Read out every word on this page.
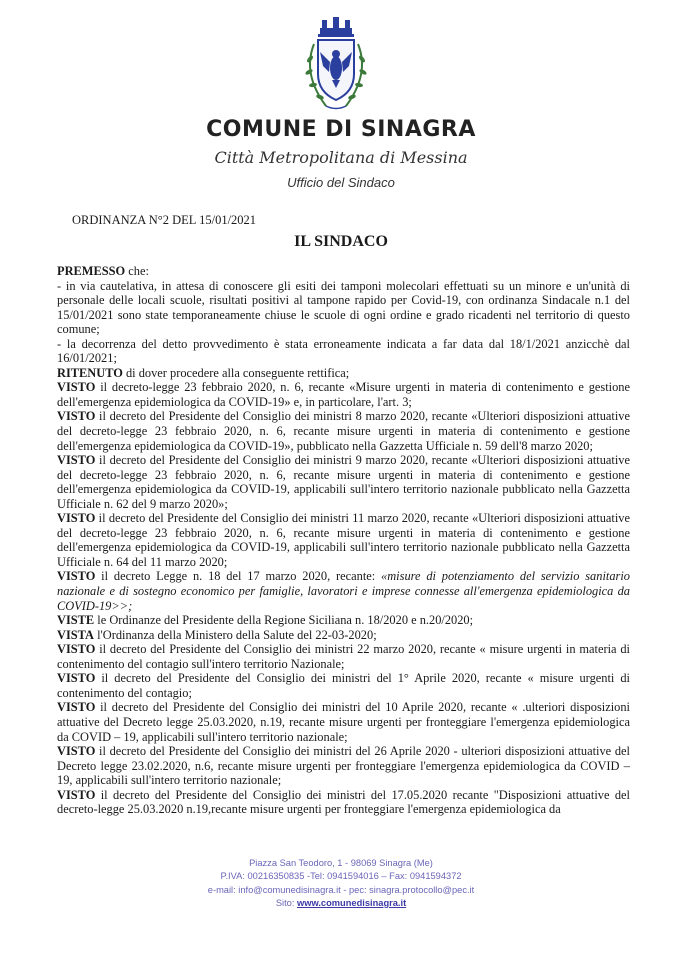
COMUNE DI SINAGRA
Città Metropolitana di Messina
Ufficio del Sindaco
ORDINANZA N°2 DEL 15/01/2021
IL SINDACO

PREMESSO che:

- in via cautelativa, in attesa di conoscere gli esiti dei tamponi molecolari effettuati su un minore e un'unità di personale delle locali scuole, risultati positivi al tampone rapido per Covid-19, con ordinanza Sindacale n.1 del 15/01/2021 sono state temporaneamente chiuse le scuole di ogni ordine e grado ricadenti nel territorio di questo comune;

- la decorrenza del detto provvedimento è stata erroneamente indicata a far data dal 18/1/2021 anzicchè dal 16/01/2021;

RITENUTO di dover procedere alla conseguente rettifica;

VISTO il decreto-legge 23 febbraio 2020, n. 6, recante «Misure urgenti in materia di contenimento e gestione dell'emergenza epidemiologica da COVID-19» e, in particolare, l'art. 3;

VISTO il decreto del Presidente del Consiglio dei ministri 8 marzo 2020, recante «Ulteriori disposizioni attuative del decreto-legge 23 febbraio 2020, n. 6, recante misure urgenti in materia di contenimento e gestione dell'emergenza epidemiologica da COVID-19», pubblicato nella Gazzetta Ufficiale n. 59 dell'8 marzo 2020;

VISTO il decreto del Presidente del Consiglio dei ministri 9 marzo 2020, recante «Ulteriori disposizioni attuative del decreto-legge 23 febbraio 2020, n. 6, recante misure urgenti in materia di contenimento e gestione dell'emergenza epidemiologica da COVID-19, applicabili sull'intero territorio nazionale pubblicato nella Gazzetta Ufficiale n. 62 del 9 marzo 2020»;

VISTO il decreto del Presidente del Consiglio dei ministri 11 marzo 2020, recante «Ulteriori disposizioni attuative del decreto-legge 23 febbraio 2020, n. 6, recante misure urgenti in materia di contenimento e gestione dell'emergenza epidemiologica da COVID-19, applicabili sull'intero territorio nazionale pubblicato nella Gazzetta Ufficiale n. 64 del 11 marzo 2020;

VISTO il decreto Legge n. 18 del 17 marzo 2020, recante: «misure di potenziamento del servizio sanitario nazionale e di sostegno economico per famiglie, lavoratori e imprese connesse all'emergenza epidemiologica da COVID-19>>;

VISTE le Ordinanze del Presidente della Regione Siciliana n. 18/2020 e n.20/2020;

VISTA l'Ordinanza della Ministero della Salute del 22-03-2020;

VISTO il decreto del Presidente del Consiglio dei ministri 22 marzo 2020, recante « misure urgenti in materia di contenimento del contagio sull'intero territorio Nazionale;

VISTO il decreto del Presidente del Consiglio dei ministri del 1° Aprile 2020, recante « misure urgenti di contenimento del contagio;

VISTO il decreto del Presidente del Consiglio dei ministri del 10 Aprile 2020, recante « .ulteriori disposizioni attuative del Decreto legge 25.03.2020, n.19, recante misure urgenti per fronteggiare l'emergenza epidemiologica da COVID – 19, applicabili sull'intero territorio nazionale;

VISTO il decreto del Presidente del Consiglio dei ministri del 26 Aprile 2020 - ulteriori disposizioni attuative del Decreto legge 23.02.2020, n.6, recante misure urgenti per fronteggiare l'emergenza epidemiologica da COVID – 19, applicabili sull'intero territorio nazionale;

VISTO il decreto del Presidente del Consiglio dei ministri del 17.05.2020 recante "Disposizioni attuative del decreto-legge 25.03.2020 n.19,recante misure urgenti per fronteggiare l'emergenza epidemiologica da

Piazza San Teodoro, 1 - 98069 Sinagra (Me)
P.IVA: 00216350835 -Tel: 0941594016 – Fax: 0941594372
e-mail: info@comunedisinagra.it - pec: sinagra.protocollo@pec.it
Sito: www.comunedisinagra.it
